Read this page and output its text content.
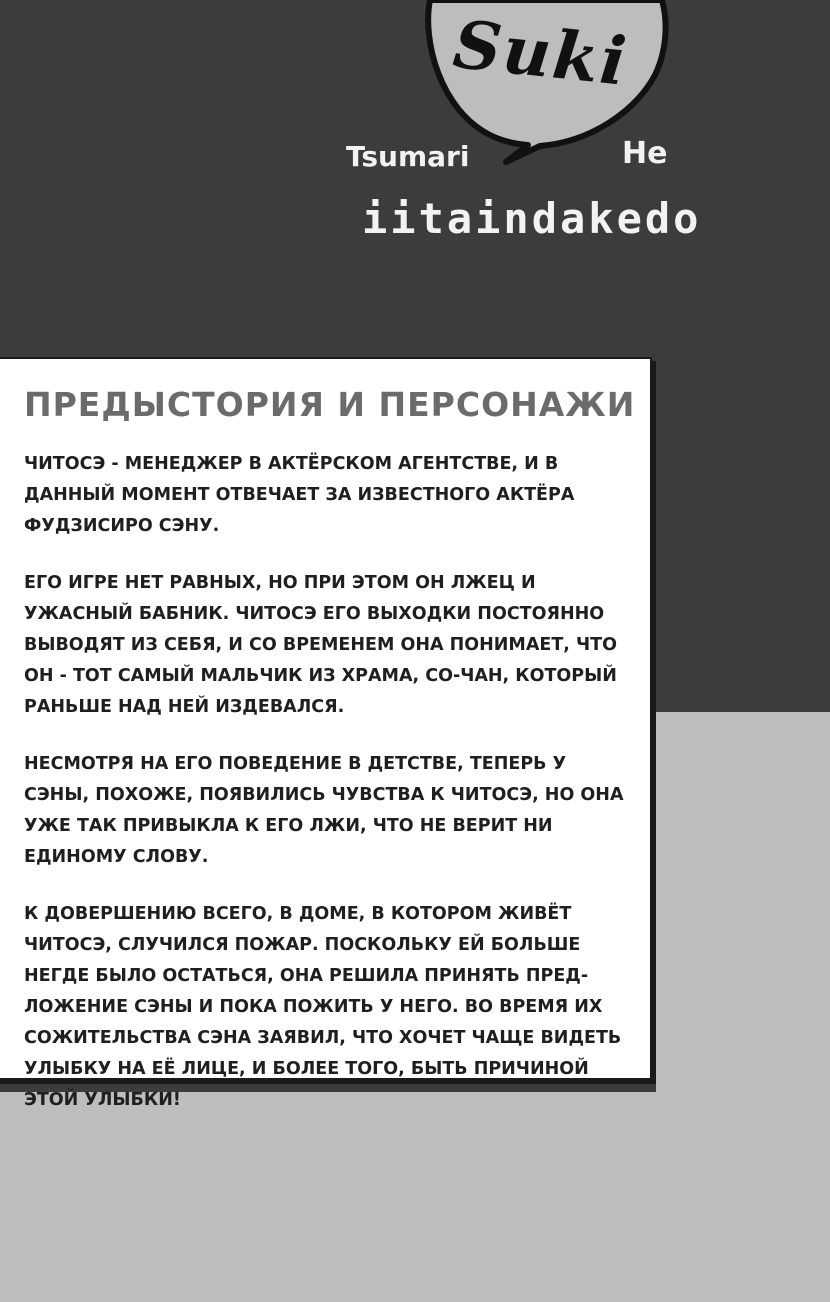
Suki
Tsumari	He
iitaindakedo
ПРЕДЫСТОРИЯ И ПЕРСОНАЖИ

ЧИТОСЭ - МЕНЕДЖЕР В АКТЁРСКОМ АГЕНТСТВЕ, И В ДАННЫЙ МОМЕНТ ОТВЕЧАЕТ ЗА ИЗВЕСТНОГО АКТЁРА ФУДЗИСИРО СЭНУ.

ЕГО ИГРЕ НЕТ РАВНЫХ, НО ПРИ ЭТОМ ОН ЛЖЕЦ И УЖАСНЫЙ БАБНИК. ЧИТОСЭ ЕГО ВЫХОДКИ ПОСТОЯННО ВЫВОДЯТ ИЗ СЕБЯ, И СО ВРЕМЕНЕМ ОНА ПОНИМАЕТ, ЧТО ОН - ТОТ САМЫЙ МАЛЬЧИК ИЗ ХРАМА, СО-ЧАН, КОТОРЫЙ РАНЬШЕ НАД НЕЙ ИЗДЕВАЛСЯ.

НЕСМОТРЯ НА ЕГО ПОВЕДЕНИЕ В ДЕТСТВЕ, ТЕПЕРЬ У СЭНЫ, ПОХОЖЕ, ПОЯВИЛИСЬ ЧУВСТВА К ЧИТОСЭ, НО ОНА УЖЕ ТАК ПРИВЫКЛА К ЕГО ЛЖИ, ЧТО НЕ ВЕРИТ НИ ЕДИНОМУ СЛОВУ.

К ДОВЕРШЕНИЮ ВСЕГО, В ДОМЕ, В КОТОРОМ ЖИВЁТ ЧИТОСЭ, СЛУЧИЛСЯ ПОЖАР. ПОСКОЛЬКУ ЕЙ БОЛЬШЕ НЕГДЕ БЫЛО ОСТАТЬСЯ, ОНА РЕШИЛА ПРИНЯТЬ ПРЕД-ЛОЖЕНИЕ СЭНЫ И ПОКА ПОЖИТЬ У НЕГО. ВО ВРЕМЯ ИХ СОЖИТЕЛЬСТВА СЭНА ЗАЯВИЛ, ЧТО ХОЧЕТ ЧАЩЕ ВИДЕТЬ УЛЫБКУ НА ЕЁ ЛИЦЕ, И БОЛЕЕ ТОГО, БЫТЬ ПРИЧИНОЙ ЭТОЙ УЛЫБКИ!
